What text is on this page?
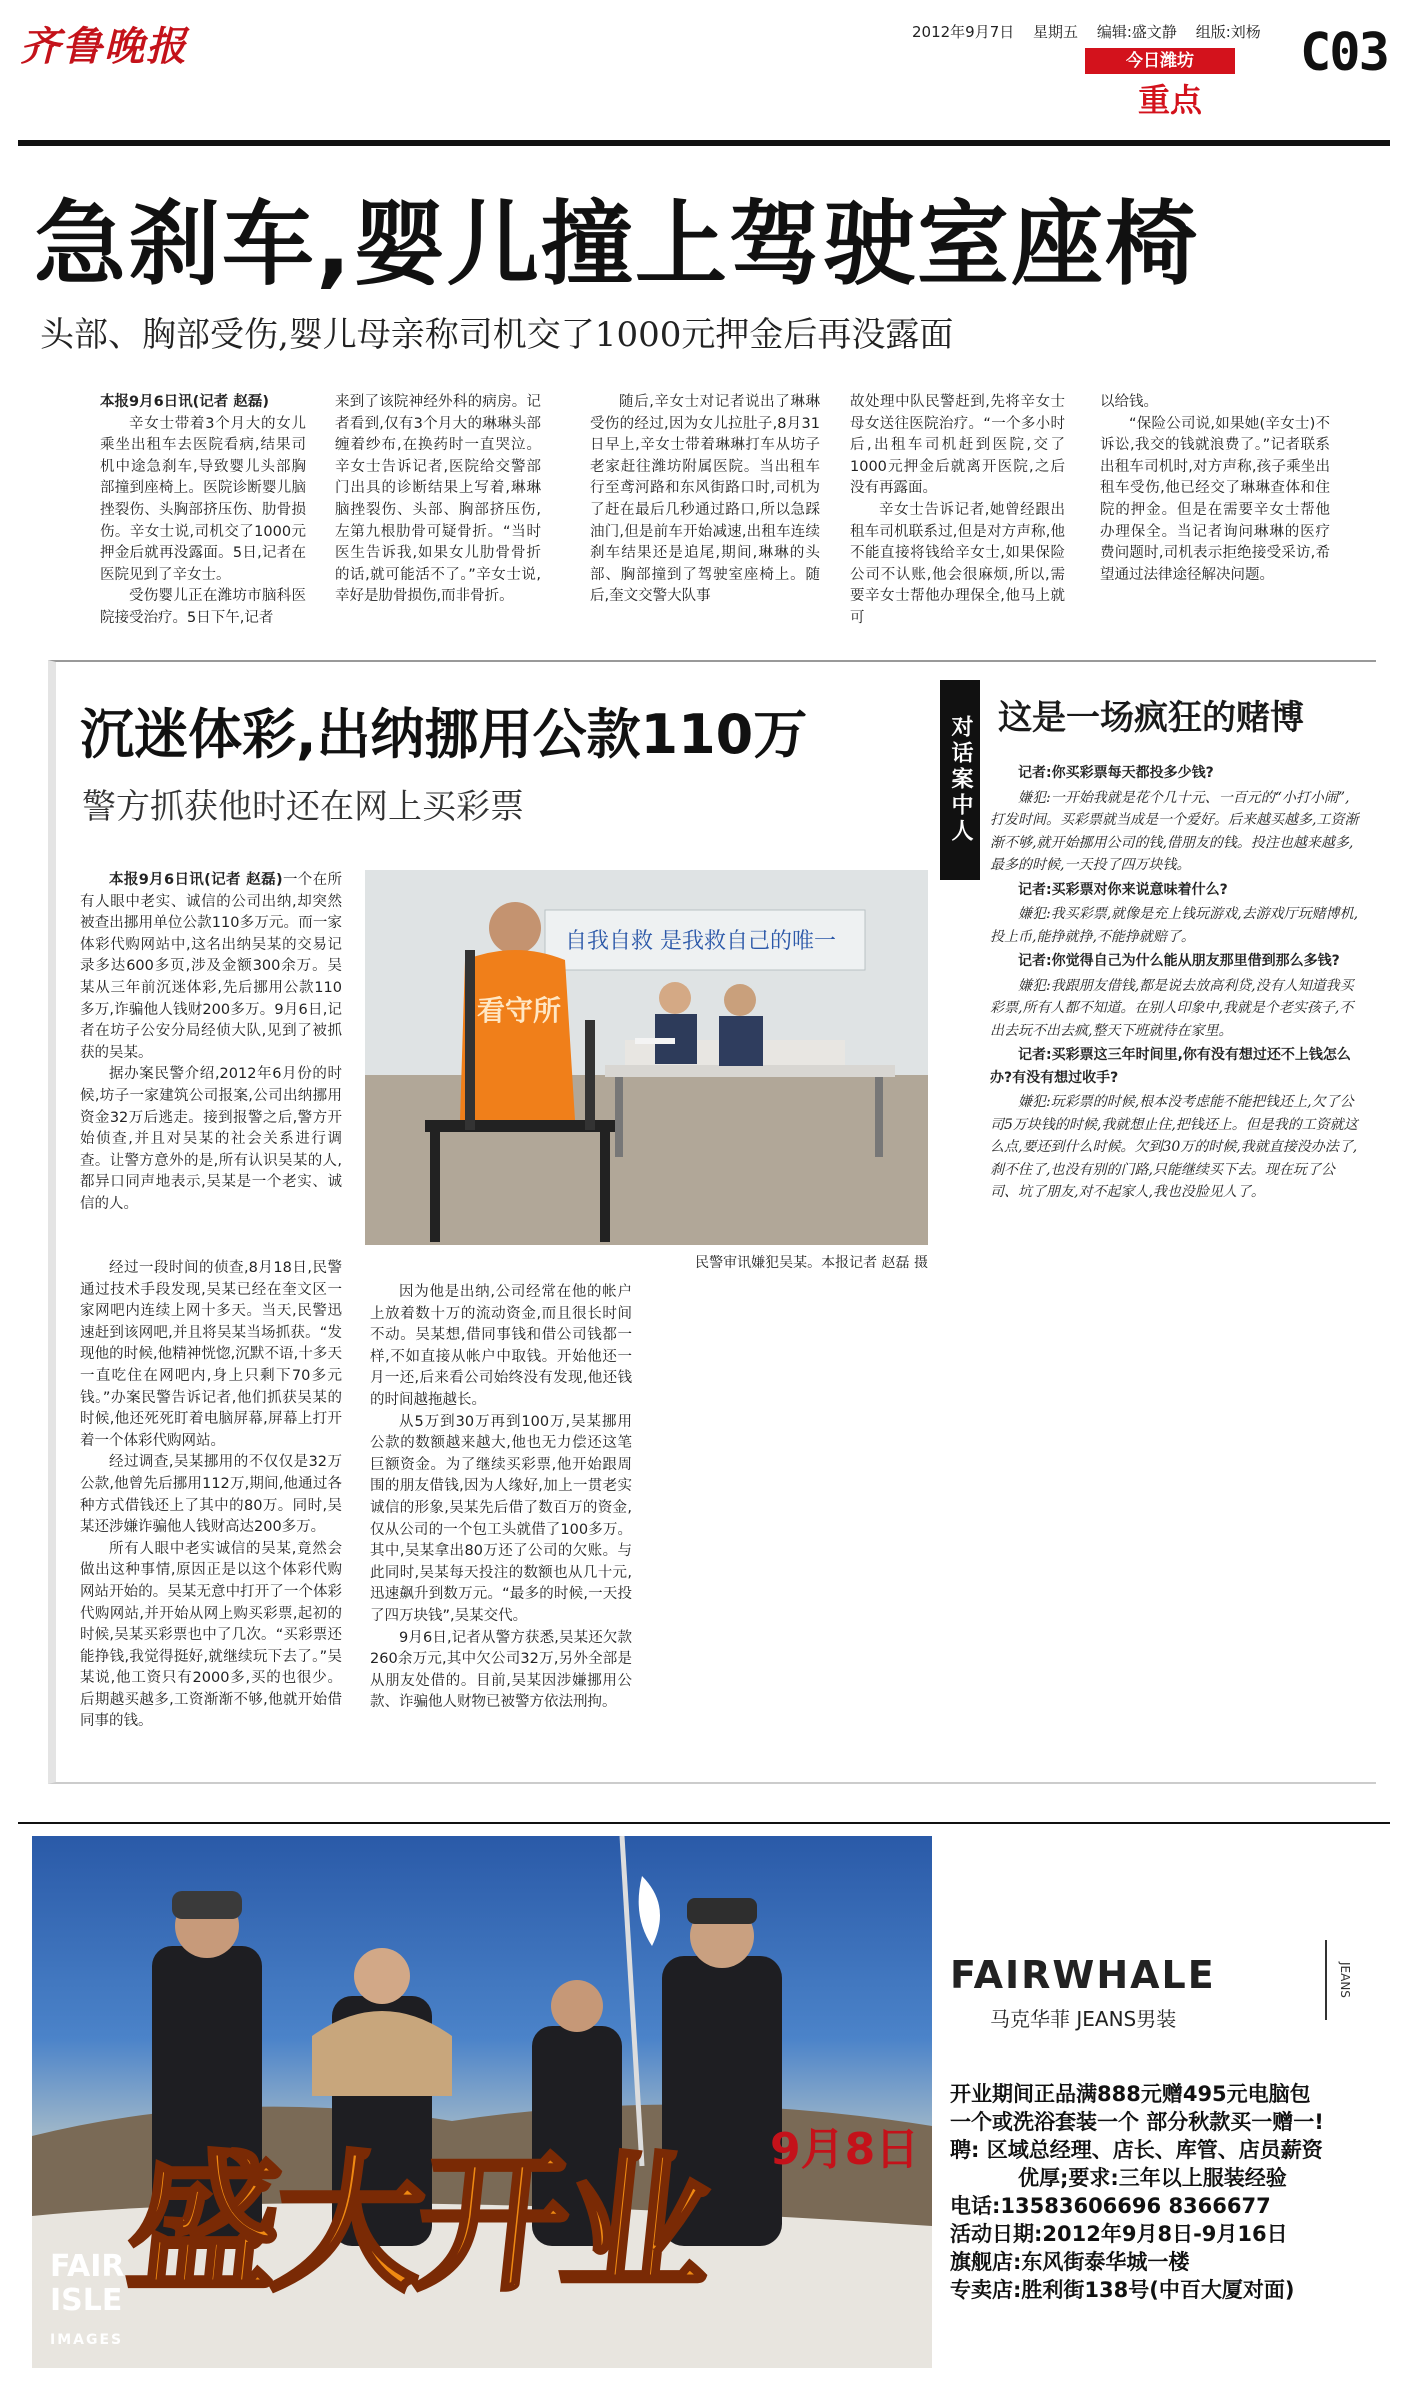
齐鲁晚报	2012年9月7日 星期五 编辑:盛文静 组版:刘杨
今日潍坊
重点
C03
急刹车,婴儿撞上驾驶室座椅
头部、胸部受伤,婴儿母亲称司机交了1000元押金后再没露面

本报9月6日讯(记者 赵磊)

辛女士带着3个月大的女儿乘坐出租车去医院看病,结果司机中途急刹车,导致婴儿头部胸部撞到座椅上。医院诊断婴儿脑挫裂伤、头胸部挤压伤、肋骨损伤。辛女士说,司机交了1000元押金后就再没露面。5日,记者在医院见到了辛女士。

受伤婴儿正在潍坊市脑科医院接受治疗。5日下午,记者

来到了该院神经外科的病房。记者看到,仅有3个月大的琳琳头部缠着纱布,在换药时一直哭泣。辛女士告诉记者,医院给交警部门出具的诊断结果上写着,琳琳脑挫裂伤、头部、胸部挤压伤,左第九根肋骨可疑骨折。“当时医生告诉我,如果女儿肋骨骨折的话,就可能活不了。”辛女士说,幸好是肋骨损伤,而非骨折。

随后,辛女士对记者说出了琳琳受伤的经过,因为女儿拉肚子,8月31日早上,辛女士带着琳琳打车从坊子老家赶往潍坊附属医院。当出租车行至鸢河路和东风街路口时,司机为了赶在最后几秒通过路口,所以急踩油门,但是前车开始减速,出租车连续刹车结果还是追尾,期间,琳琳的头部、胸部撞到了驾驶室座椅上。随后,奎文交警大队事

故处理中队民警赶到,先将辛女士母女送往医院治疗。“一个多小时后,出租车司机赶到医院,交了1000元押金后就离开医院,之后没有再露面。

辛女士告诉记者,她曾经跟出租车司机联系过,但是对方声称,他不能直接将钱给辛女士,如果保险公司不认账,他会很麻烦,所以,需要辛女士帮他办理保全,他马上就可

以给钱。

“保险公司说,如果她(辛女士)不诉讼,我交的钱就浪费了。”记者联系出租车司机时,对方声称,孩子乘坐出租车受伤,他已经交了琳琳查体和住院的押金。但是在需要辛女士帮他办理保全。当记者询问琳琳的医疗费问题时,司机表示拒绝接受采访,希望通过法律途径解决问题。

沉迷体彩,出纳挪用公款110万
警方抓获他时还在网上买彩票

本报9月6日讯(记者 赵磊)一个在所有人眼中老实、诚信的公司出纳,却突然被查出挪用单位公款110多万元。而一家体彩代购网站中,这名出纳吴某的交易记录多达600多页,涉及金额300余万。吴某从三年前沉迷体彩,先后挪用公款110多万,诈骗他人钱财200多万。9月6日,记者在坊子公安分局经侦大队,见到了被抓获的吴某。

据办案民警介绍,2012年6月份的时候,坊子一家建筑公司报案,公司出纳挪用资金32万后逃走。接到报警之后,警方开始侦查,并且对吴某的社会关系进行调查。让警方意外的是,所有认识吴某的人,都异口同声地表示,吴某是一个老实、诚信的人。

自我自救 是我救自己的唯一
看守所
民警审讯嫌犯吴某。本报记者 赵磊 摄

经过一段时间的侦查,8月18日,民警通过技术手段发现,吴某已经在奎文区一家网吧内连续上网十多天。当天,民警迅速赶到该网吧,并且将吴某当场抓获。“发现他的时候,他精神恍惚,沉默不语,十多天一直吃住在网吧内,身上只剩下70多元钱。”办案民警告诉记者,他们抓获吴某的时候,他还死死盯着电脑屏幕,屏幕上打开着一个体彩代购网站。

经过调查,吴某挪用的不仅仅是32万公款,他曾先后挪用112万,期间,他通过各种方式借钱还上了其中的80万。同时,吴某还涉嫌诈骗他人钱财高达200多万。

所有人眼中老实诚信的吴某,竟然会做出这种事情,原因正是以这个体彩代购网站开始的。吴某无意中打开了一个体彩代购网站,并开始从网上购买彩票,起初的时候,吴某买彩票也中了几次。“买彩票还能挣钱,我觉得挺好,就继续玩下去了。”吴某说,他工资只有2000多,买的也很少。后期越买越多,工资渐渐不够,他就开始借同事的钱。

因为他是出纳,公司经常在他的帐户上放着数十万的流动资金,而且很长时间不动。吴某想,借同事钱和借公司钱都一样,不如直接从帐户中取钱。开始他还一月一还,后来看公司始终没有发现,他还钱的时间越拖越长。

从5万到30万再到100万,吴某挪用公款的数额越来越大,他也无力偿还这笔巨额资金。为了继续买彩票,他开始跟周围的朋友借钱,因为人缘好,加上一贯老实诚信的形象,吴某先后借了数百万的资金,仅从公司的一个包工头就借了100多万。其中,吴某拿出80万还了公司的欠账。与此同时,吴某每天投注的数额也从几十元,迅速飙升到数万元。“最多的时候,一天投了四万块钱”,吴某交代。

9月6日,记者从警方获悉,吴某还欠款260余万元,其中欠公司32万,另外全部是从朋友处借的。目前,吴某因涉嫌挪用公款、诈骗他人财物已被警方依法刑拘。

对话案中人 这是一场疯狂的赌博

记者:你买彩票每天都投多少钱?

嫌犯:一开始我就是花个几十元、一百元的“小打小闹”,打发时间。买彩票就当成是一个爱好。后来越买越多,工资渐渐不够,就开始挪用公司的钱,借朋友的钱。投注也越来越多,最多的时候,一天投了四万块钱。

记者:买彩票对你来说意味着什么?

嫌犯:我买彩票,就像是充上钱玩游戏,去游戏厅玩赌博机,投上币,能挣就挣,不能挣就赔了。

记者:你觉得自己为什么能从朋友那里借到那么多钱?

嫌犯:我跟朋友借钱,都是说去放高利贷,没有人知道我买彩票,所有人都不知道。在别人印象中,我就是个老实孩子,不出去玩不出去疯,整天下班就待在家里。

记者:买彩票这三年时间里,你有没有想过还不上钱怎么办?有没有想过收手?

嫌犯:玩彩票的时候,根本没考虑能不能把钱还上,欠了公司5万块钱的时候,我就想止住,把钱还上。但是我的工资就这么点,要还到什么时候。欠到30万的时候,我就直接没办法了,刹不住了,也没有别的门路,只能继续买下去。现在玩了公司、坑了朋友,对不起家人,我也没脸见人了。

盛大开业	9月8日
FAIR ISLE
IMAGES
FAIRWHALE	JEANS
马克华菲 JEANS男装

开业期间正品满888元赠495元电脑包

一个或洗浴套装一个 部分秋款买一赠一!

聘: 区域总经理、店长、库管、店员薪资

优厚;要求:三年以上服装经验

电话:13583606696 8366677

活动日期:2012年9月8日-9月16日

旗舰店:东风街泰华城一楼

专卖店:胜利街138号(中百大厦对面)
